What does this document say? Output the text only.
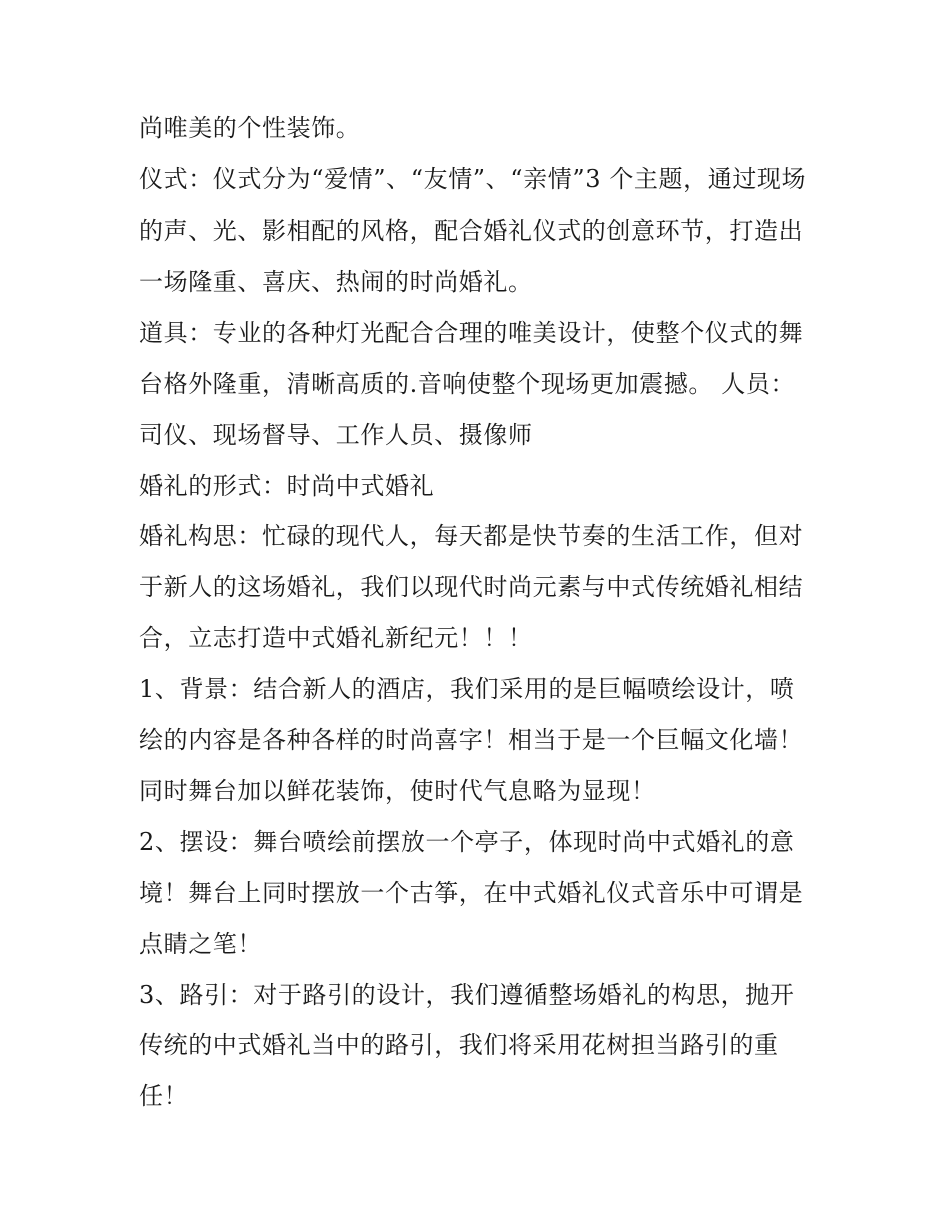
尚唯美的个性装饰。
仪式：仪式分为“爱情”、“友情”、“亲情”3 个主题，通过现场
的声、光、影相配的风格，配合婚礼仪式的创意环节，打造出
一场隆重、喜庆、热闹的时尚婚礼。
道具：专业的各种灯光配合合理的唯美设计，使整个仪式的舞
台格外隆重，清晰高质的.音响使整个现场更加震撼。 人员：
司仪、现场督导、工作人员、摄像师
婚礼的形式：时尚中式婚礼
婚礼构思：忙碌的现代人，每天都是快节奏的生活工作，但对
于新人的这场婚礼，我们以现代时尚元素与中式传统婚礼相结
合，立志打造中式婚礼新纪元！！！
1、背景：结合新人的酒店，我们采用的是巨幅喷绘设计，喷
绘的内容是各种各样的时尚喜字！相当于是一个巨幅文化墙！
同时舞台加以鲜花装饰，使时代气息略为显现！
2、摆设：舞台喷绘前摆放一个亭子，体现时尚中式婚礼的意
境！舞台上同时摆放一个古筝，在中式婚礼仪式音乐中可谓是
点睛之笔！
3、路引：对于路引的设计，我们遵循整场婚礼的构思，抛开
传统的中式婚礼当中的路引，我们将采用花树担当路引的重
任！
